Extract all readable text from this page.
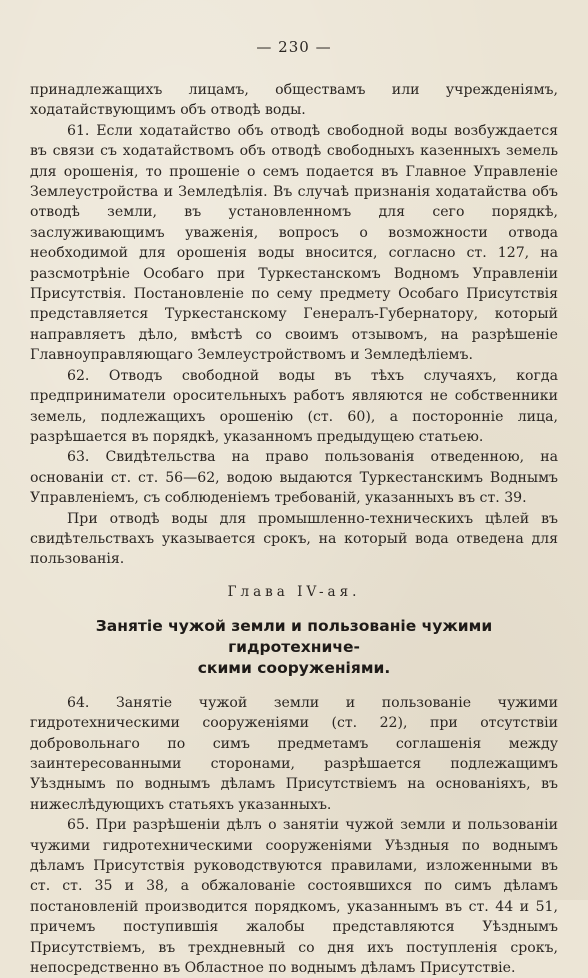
— 230 —

принадлежащихъ лицамъ, обществамъ или учрежденiямъ, ходатайствующимъ объ отводѣ воды.

61. Если ходатайство объ отводѣ свободной воды возбуждается въ связи съ ходатайствомъ объ отводѣ свободныхъ казенныхъ земель для орошенія, то прошеніе о семъ подается въ Главное Управленіе Землеустройства и Земледѣлія. Въ случаѣ признанія ходатайства объ отводѣ земли, въ установленномъ для сего порядкѣ, заслуживающимъ уваженія, вопросъ о возможности отвода необходимой для орошенія воды вносится, согласно ст. 127, на разсмотрѣніе Особаго при Туркестанскомъ Водномъ Управленіи Присутствія. Постановленіе по сему предмету Особаго Присутствія представляется Туркестанскому Генералъ-Губернатору, который направляетъ дѣло, вмѣстѣ со своимъ отзывомъ, на разрѣшеніе Главноуправляющаго Землеустройствомъ и Земледѣліемъ.

62. Отводъ свободной воды въ тѣхъ случаяхъ, когда предприниматели оросительныхъ работъ являются не собственники земель, подлежащихъ орошенію (ст. 60), а посторонніе лица, разрѣшается въ порядкѣ, указанномъ предыдущею статьею.

63. Свидѣтельства на право пользованія отведенною, на основаніи ст. ст. 56—62, водою выдаются Туркестанскимъ Воднымъ Управленіемъ, съ соблюденіемъ требованій, указанныхъ въ ст. 39.

При отводѣ воды для промышленно-техническихъ цѣлей въ свидѣтельствахъ указывается срокъ, на который вода отведена для пользованія.

Глава IV-ая.
Занятіе чужой земли и пользованіе чужими гидротехниче-
скими сооруженіями.

64. Занятіе чужой земли и пользованіе чужими гидротехническими сооруженіями (ст. 22), при отсутствіи добровольнаго по симъ предметамъ соглашенія между заинтересованными сторонами, разрѣшается подлежащимъ Уѣзднымъ по воднымъ дѣламъ Присутствіемъ на основаніяхъ, въ нижеслѣдующихъ статьяхъ указанныхъ.

65. При разрѣшеніи дѣлъ о занятіи чужой земли и пользованіи чужими гидротехническими сооруженіями Уѣздныя по воднымъ дѣламъ Присутствія руководствуются правилами, изложенными въ ст. ст. 35 и 38, а обжалованіе состоявшихся по симъ дѣламъ постановленій производится порядкомъ, указаннымъ въ ст. 44 и 51, причемъ поступившія жалобы представляются Уѣзднымъ Присутствіемъ, въ трехдневный со дня ихъ поступленія срокъ, непосредственно въ Областное по воднымъ дѣламъ Присутствіе.
